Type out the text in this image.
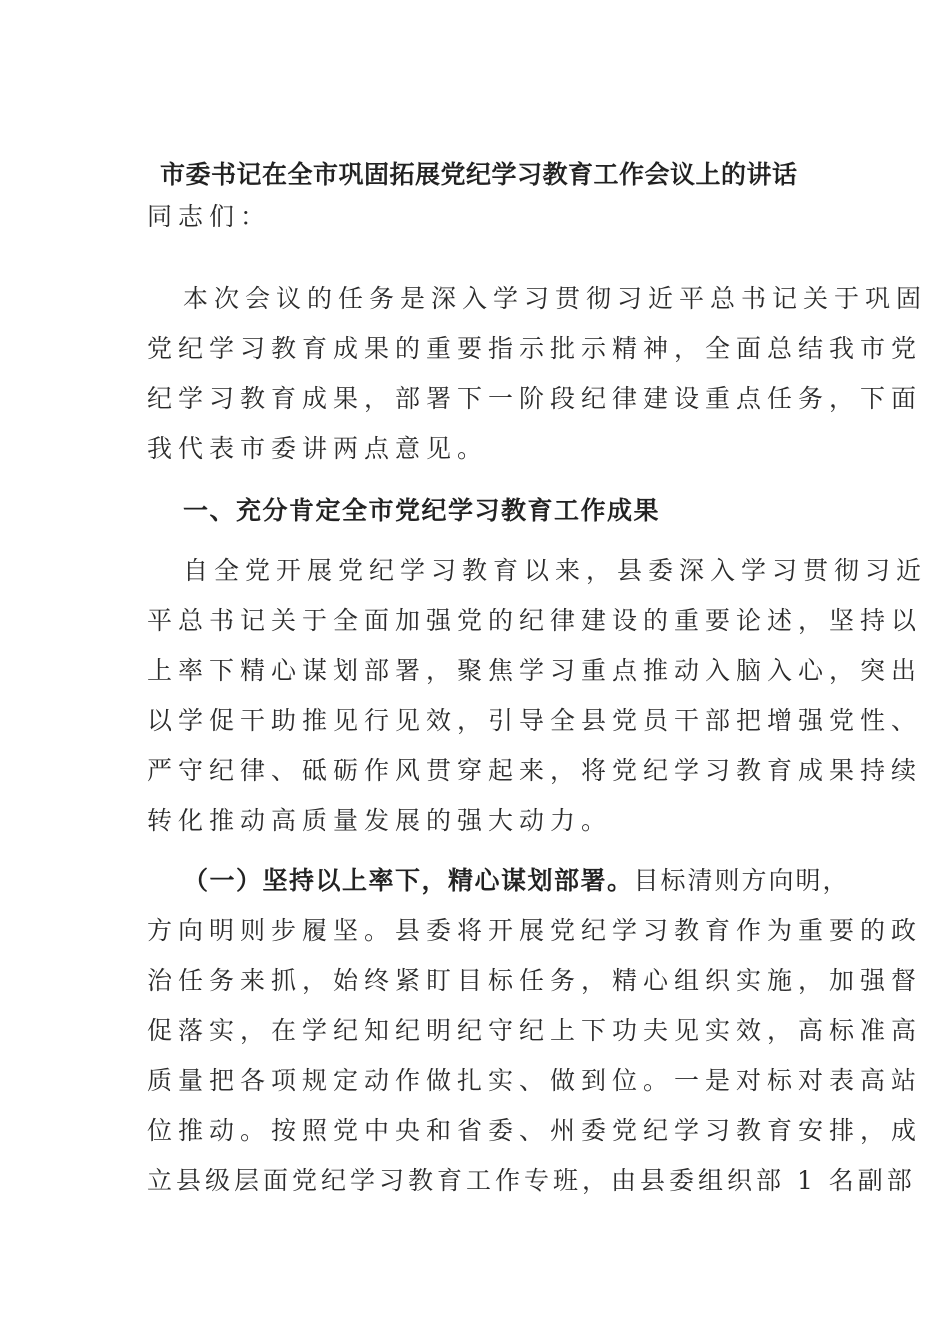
市委书记在全市巩固拓展党纪学习教育工作会议上的讲话
同志们：
本次会议的任务是深入学习贯彻习近平总书记关于巩固
党纪学习教育成果的重要指示批示精神，全面总结我市党
纪学习教育成果，部署下一阶段纪律建设重点任务，下面
我代表市委讲两点意见。
一、充分肯定全市党纪学习教育工作成果
自全党开展党纪学习教育以来，县委深入学习贯彻习近
平总书记关于全面加强党的纪律建设的重要论述，坚持以
上率下精心谋划部署，聚焦学习重点推动入脑入心，突出
以学促干助推见行见效，引导全县党员干部把增强党性、
严守纪律、砥砺作风贯穿起来，将党纪学习教育成果持续
转化推动高质量发展的强大动力。
（一）坚持以上率下，精心谋划部署。目标清则方向明，
方向明则步履坚。县委将开展党纪学习教育作为重要的政
治任务来抓，始终紧盯目标任务，精心组织实施，加强督
促落实，在学纪知纪明纪守纪上下功夫见实效，高标准高
质量把各项规定动作做扎实、做到位。一是对标对表高站
位推动。按照党中央和省委、州委党纪学习教育安排，成
立县级层面党纪学习教育工作专班，由县委组织部 1 名副部
